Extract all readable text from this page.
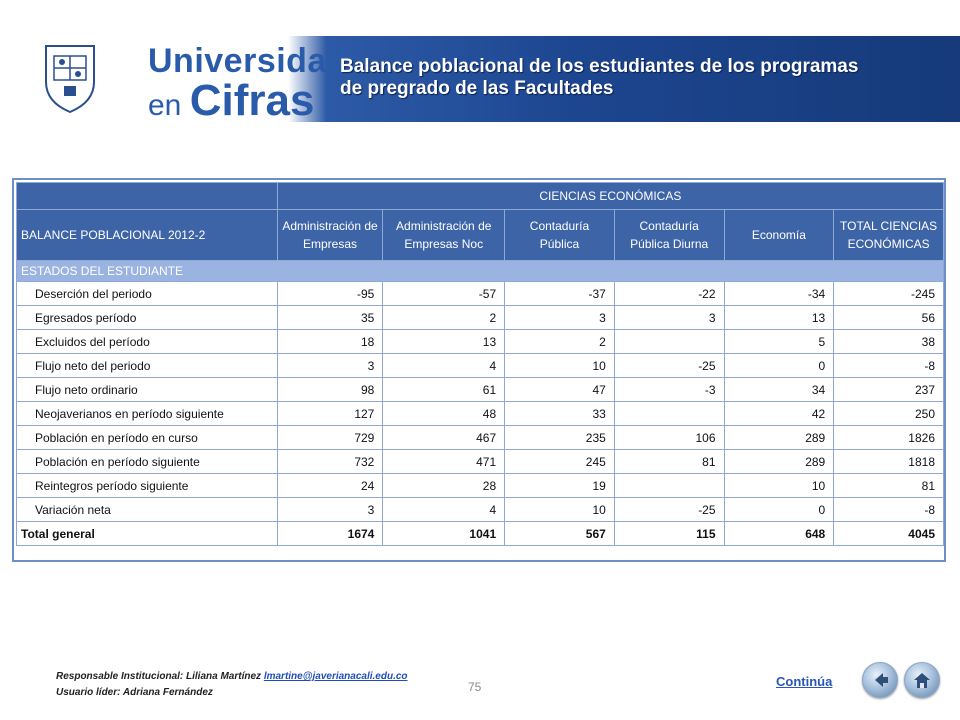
Universidad
en Cifras
Balance poblacional de los estudiantes de los programas de pregrado de las Facultades
	CIENCIAS ECONÓMICAS					
BALANCE POBLACIONAL 2012-2	Administración de Empresas	Administración de Empresas Noc	Contaduría Pública	Contaduría Pública Diurna	Economía	TOTAL CIENCIAS ECONÓMICAS
ESTADOS DEL ESTUDIANTE						
Deserción del periodo	-95	-57	-37	-22	-34	-245
Egresados período	35	2	3	3	13	56
Excluidos del período	18	13	2		5	38
Flujo neto del periodo	3	4	10	-25	0	-8
Flujo neto ordinario	98	61	47	-3	34	237
Neojaverianos en período siguiente	127	48	33		42	250
Población en período en curso	729	467	235	106	289	1826
Población en período siguiente	732	471	245	81	289	1818
Reintegros período siguiente	24	28	19		10	81
Variación neta	3	4	10	-25	0	-8
Total general	1674	1041	567	115	648	4045
Responsable Institucional: Liliana Martínez lmartine@javerianacali.edu.co
Usuario líder: Adriana Fernández	75	Continúa
